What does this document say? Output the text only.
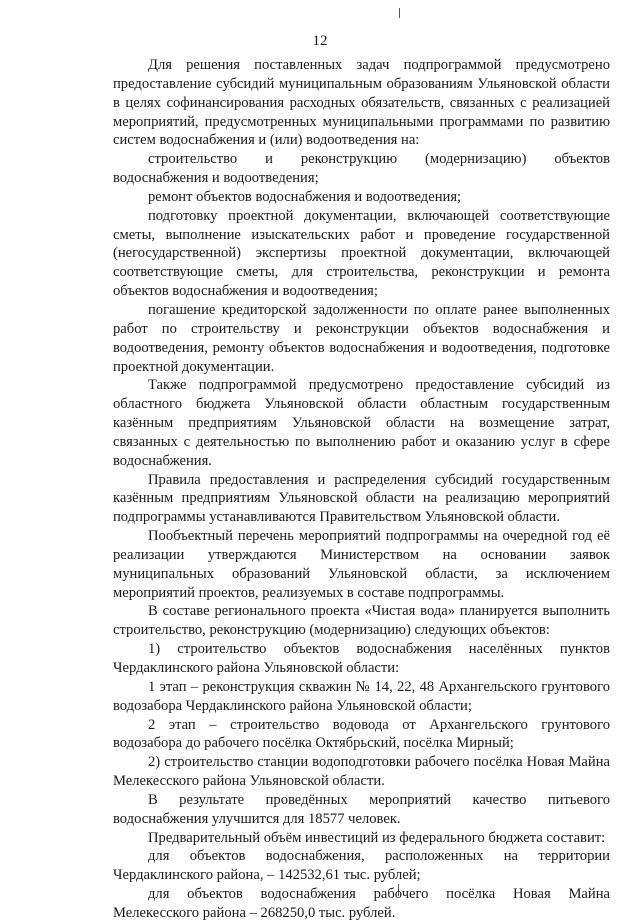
12

Для решения поставленных задач подпрограммой предусмотрено предоставление субсидий муниципальным образованиям Ульяновской области в целях софинансирования расходных обязательств, связанных с реализацией мероприятий, предусмотренных муниципальными программами по развитию систем водоснабжения и (или) водоотведения на:

строительство и реконструкцию (модернизацию) объектов водоснабжения и водоотведения;

ремонт объектов водоснабжения и водоотведения;

подготовку проектной документации, включающей соответствующие сметы, выполнение изыскательских работ и проведение государственной (негосударственной) экспертизы проектной документации, включающей соответствующие сметы, для строительства, реконструкции и ремонта объектов водоснабжения и водоотведения;

погашение кредиторской задолженности по оплате ранее выполненных работ по строительству и реконструкции объектов водоснабжения и водоотведения, ремонту объектов водоснабжения и водоотведения, подготовке проектной документации.

Также подпрограммой предусмотрено предоставление субсидий из областного бюджета Ульяновской области областным государственным казённым предприятиям Ульяновской области на возмещение затрат, связанных с деятельностью по выполнению работ и оказанию услуг в сфере водоснабжения.

Правила предоставления и распределения субсидий государственным казённым предприятиям Ульяновской области на реализацию мероприятий подпрограммы устанавливаются Правительством Ульяновской области.

Пообъектный перечень мероприятий подпрограммы на очередной год её реализации утверждаются Министерством на основании заявок муниципальных образований Ульяновской области, за исключением мероприятий проектов, реализуемых в составе подпрограммы.

В составе регионального проекта «Чистая вода» планируется выполнить строительство, реконструкцию (модернизацию) следующих объектов:

1) строительство объектов водоснабжения населённых пунктов Чердаклинского района Ульяновской области:

1 этап – реконструкция скважин № 14, 22, 48 Архангельского грунтового водозабора Чердаклинского района Ульяновской области;

2 этап – строительство водовода от Архангельского грунтового водозабора до рабочего посёлка Октябрьский, посёлка Мирный;

2) строительство станции водоподготовки рабочего посёлка Новая Майна Мелекесского района Ульяновской области.

В результате проведённых мероприятий качество питьевого водоснабжения улучшится для 18577 человек.

Предварительный объём инвестиций из федерального бюджета составит:

для объектов водоснабжения, расположенных на территории Чердаклинского района, – 142532,61 тыс. рублей;

для объектов водоснабжения рабочего посёлка Новая Майна Мелекесского района – 268250,0 тыс. рублей.
